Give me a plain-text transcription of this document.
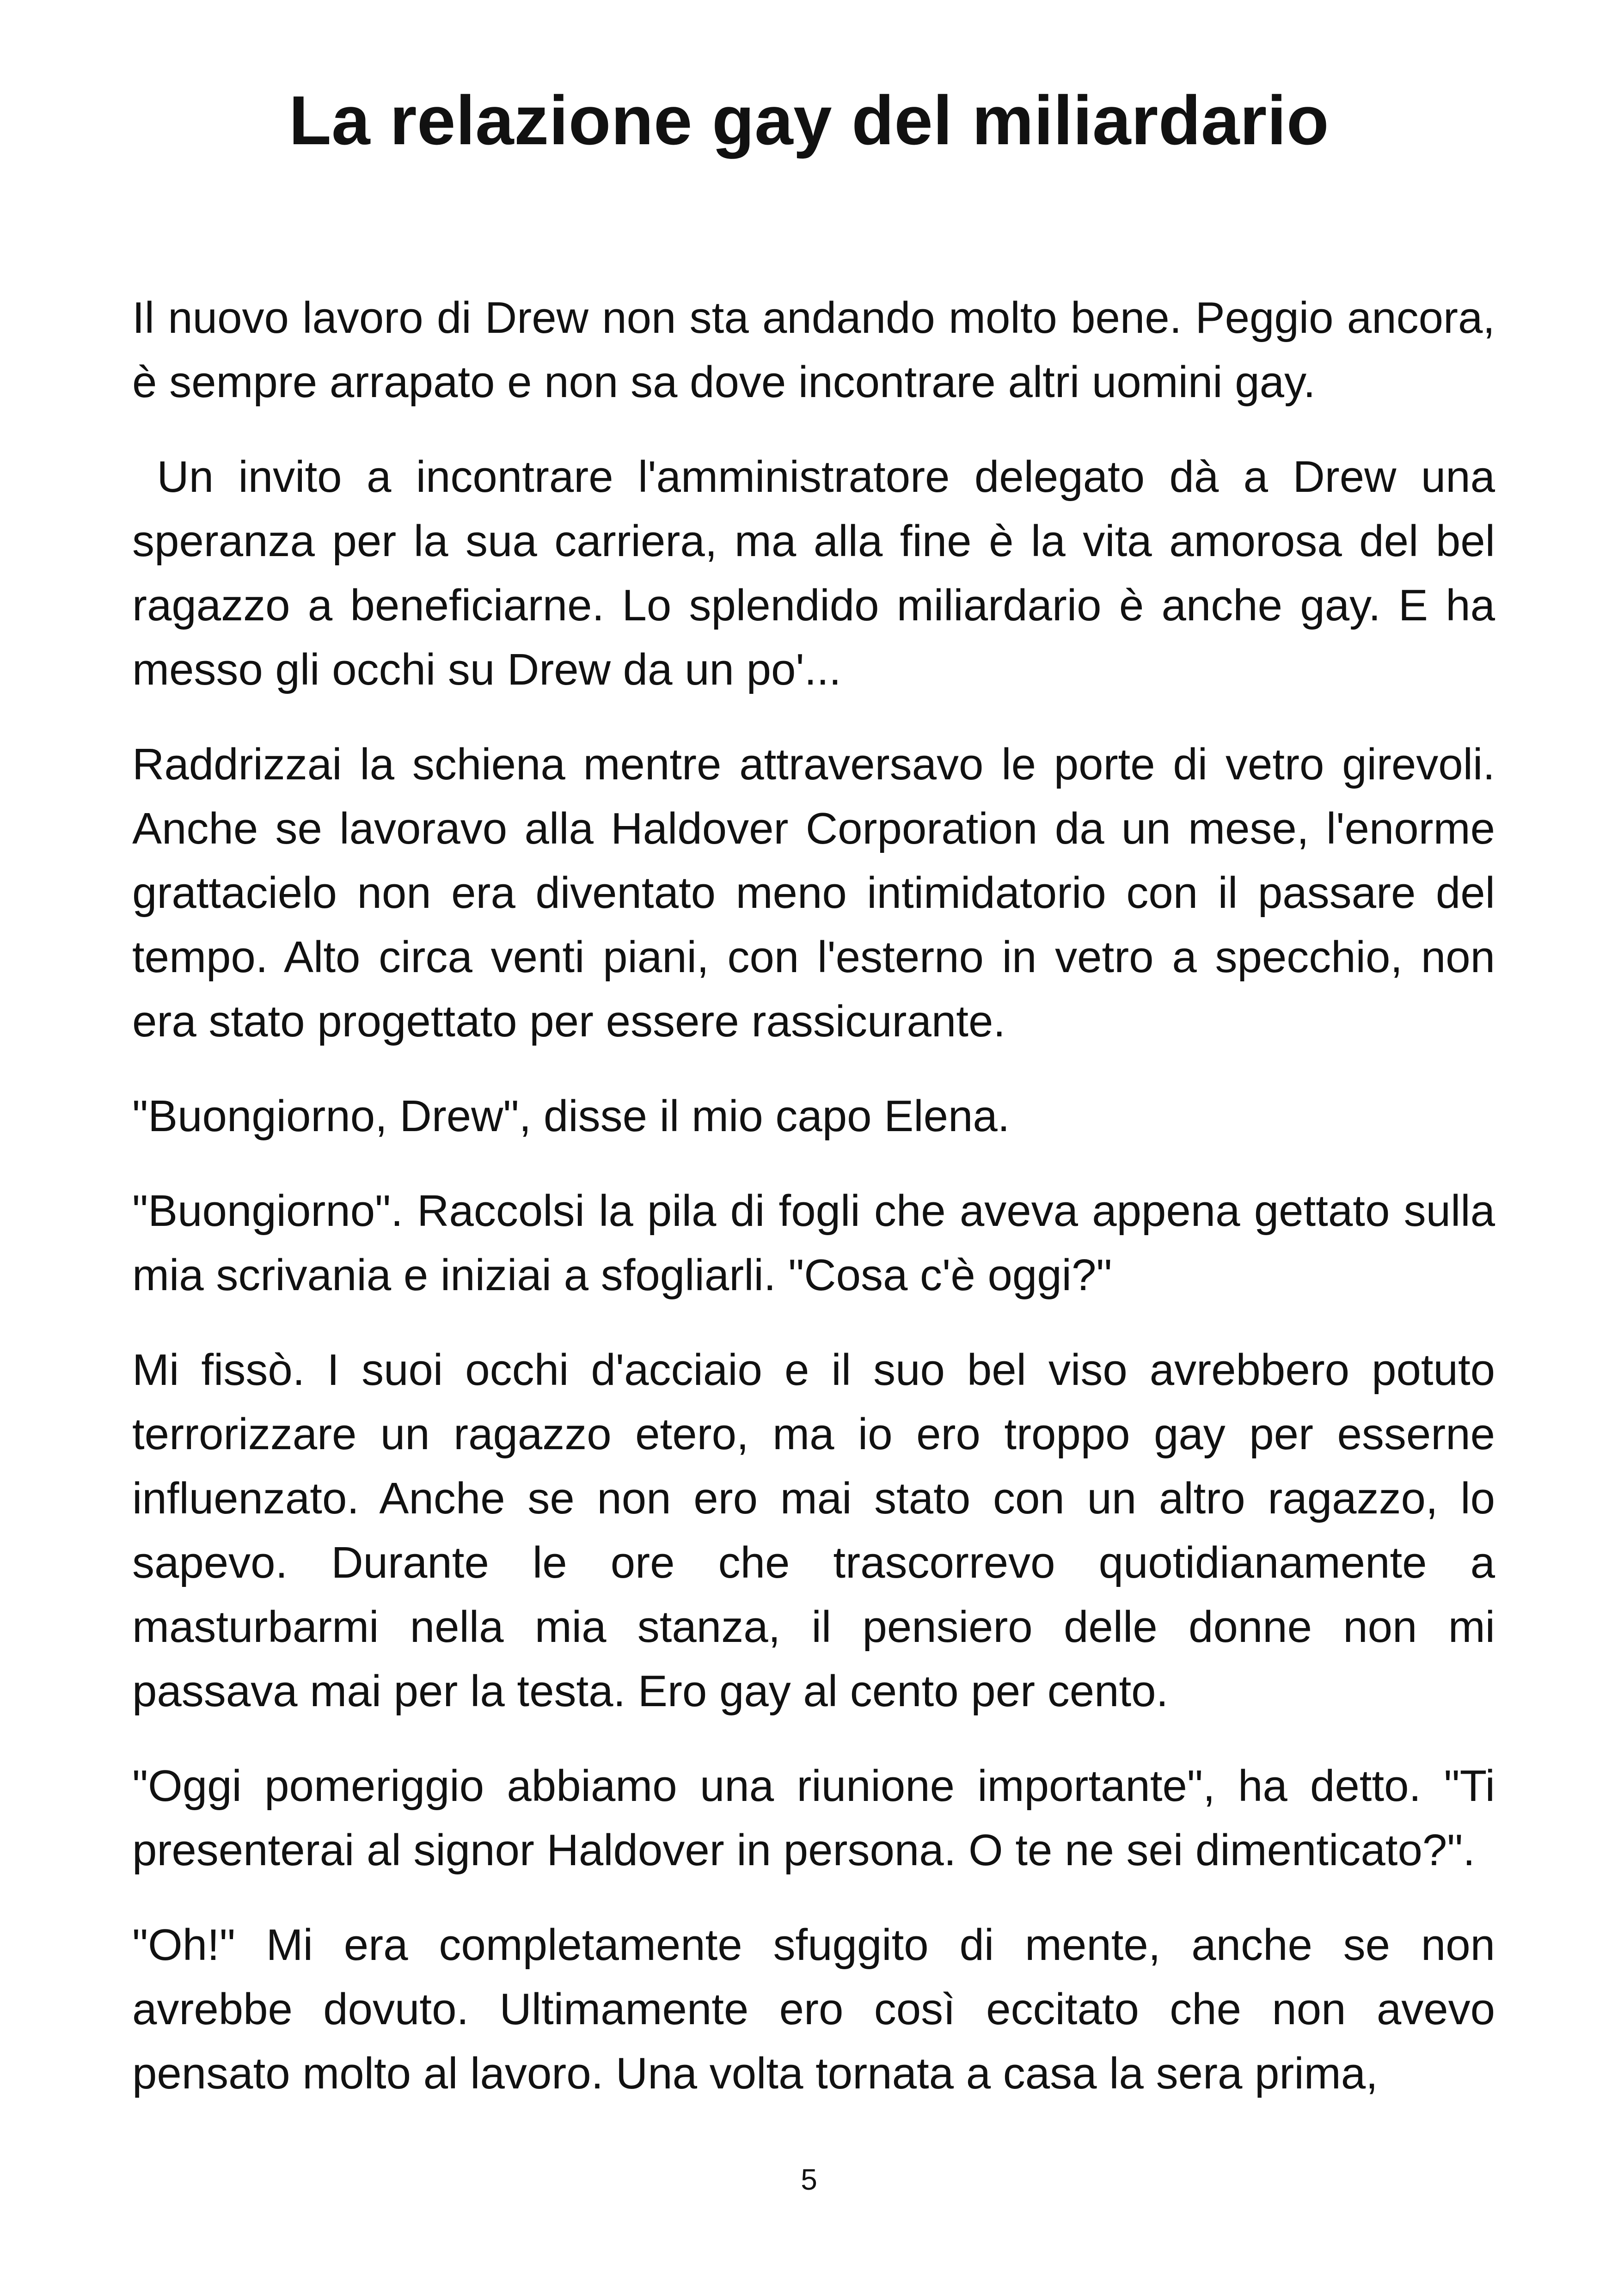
La relazione gay del miliardario

Il nuovo lavoro di Drew non sta andando molto bene. Peggio ancora, è sempre arrapato e non sa dove incontrare altri uomini gay.

Un invito a incontrare l'amministratore delegato dà a Drew una speranza per la sua carriera, ma alla fine è la vita amorosa del bel ragazzo a beneficiarne. Lo splendido miliardario è anche gay. E ha messo gli occhi su Drew da un po'...

Raddrizzai la schiena mentre attraversavo le porte di vetro girevoli. Anche se lavoravo alla Haldover Corporation da un mese, l'enorme grattacielo non era diventato meno intimidatorio con il passare del tempo. Alto circa venti piani, con l'esterno in vetro a specchio, non era stato progettato per essere rassicurante.

"Buongiorno, Drew", disse il mio capo Elena.

"Buongiorno". Raccolsi la pila di fogli che aveva appena gettato sulla mia scrivania e iniziai a sfogliarli. "Cosa c'è oggi?"

Mi fissò. I suoi occhi d'acciaio e il suo bel viso avrebbero potuto terrorizzare un ragazzo etero, ma io ero troppo gay per esserne influenzato. Anche se non ero mai stato con un altro ragazzo, lo sapevo. Durante le ore che trascorrevo quotidianamente a masturbarmi nella mia stanza, il pensiero delle donne non mi passava mai per la testa. Ero gay al cento per cento.

"Oggi pomeriggio abbiamo una riunione importante", ha detto. "Ti presenterai al signor Haldover in persona. O te ne sei dimenticato?".

"Oh!" Mi era completamente sfuggito di mente, anche se non avrebbe dovuto. Ultimamente ero così eccitato che non avevo pensato molto al lavoro. Una volta tornata a casa la sera prima,

5
